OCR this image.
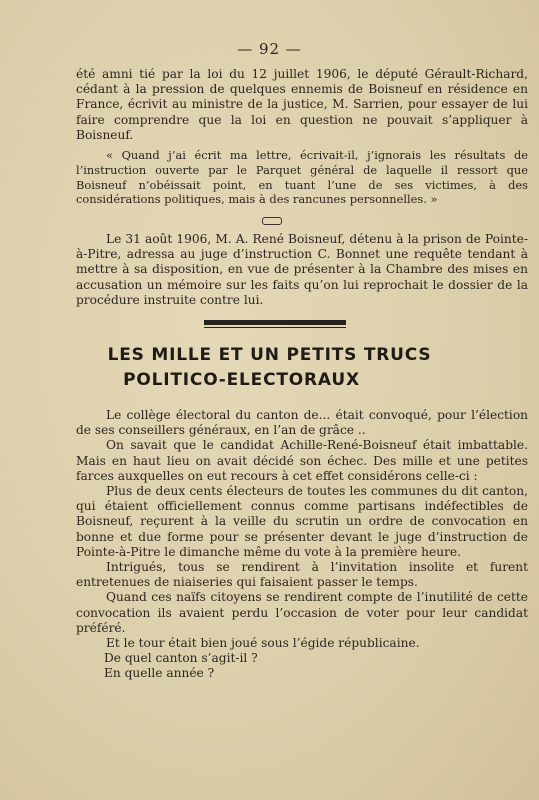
— 92 —

été amni tié par la loi du 12 juillet 1906, le député Gérault-Richard, cédant à la pression de quelques ennemis de Boisneuf en résidence en France, écrivit au ministre de la justice, M. Sarrien, pour essayer de lui faire comprendre que la loi en question ne pouvait s’appliquer à Boisneuf.

« Quand j’ai écrit ma lettre, écrivait-il, j’ignorais les résultats de l’instruction ouverte par le Parquet général de laquelle il ressort que Boisneuf n’obéissait point, en tuant l’une de ses victimes, à des considérations politiques, mais à des rancunes personnelles. »

Le 31 août 1906, M. A. René Boisneuf, détenu à la prison de Pointe-à-Pitre, adressa au juge d’instruction C. Bonnet une requête tendant à mettre à sa disposition, en vue de présenter à la Chambre des mises en accusation un mémoire sur les faits qu’on lui reprochait le dossier de la procédure instruite contre lui.

LES MILLE ET UN PETITS TRUCS
POLITICO-ELECTORAUX

Le collège électoral du canton de... était convoqué, pour l’élection de ses conseillers généraux, en l’an de grâce ..

On savait que le candidat Achille-René-Boisneuf était imbattable. Mais en haut lieu on avait décidé son échec. Des mille et une petites farces auxquelles on eut recours à cet effet considérons celle-ci :

Plus de deux cents électeurs de toutes les communes du dit canton, qui étaient officiellement connus comme partisans indéfectibles de Boisneuf, reçurent à la veille du scrutin un ordre de convocation en bonne et due forme pour se présenter devant le juge d’instruction de Pointe-à-Pitre le dimanche même du vote à la première heure.

Intrigués, tous se rendirent à l’invitation insolite et furent entretenues de niaiseries qui faisaient passer le temps.

Quand ces naïfs citoyens se rendirent compte de l’inutilité de cette convocation ils avaient perdu l’occasion de voter pour leur candidat préféré.

Et le tour était bien joué sous l’égide républicaine.

De quel canton s’agit-il ?

En quelle année ?
